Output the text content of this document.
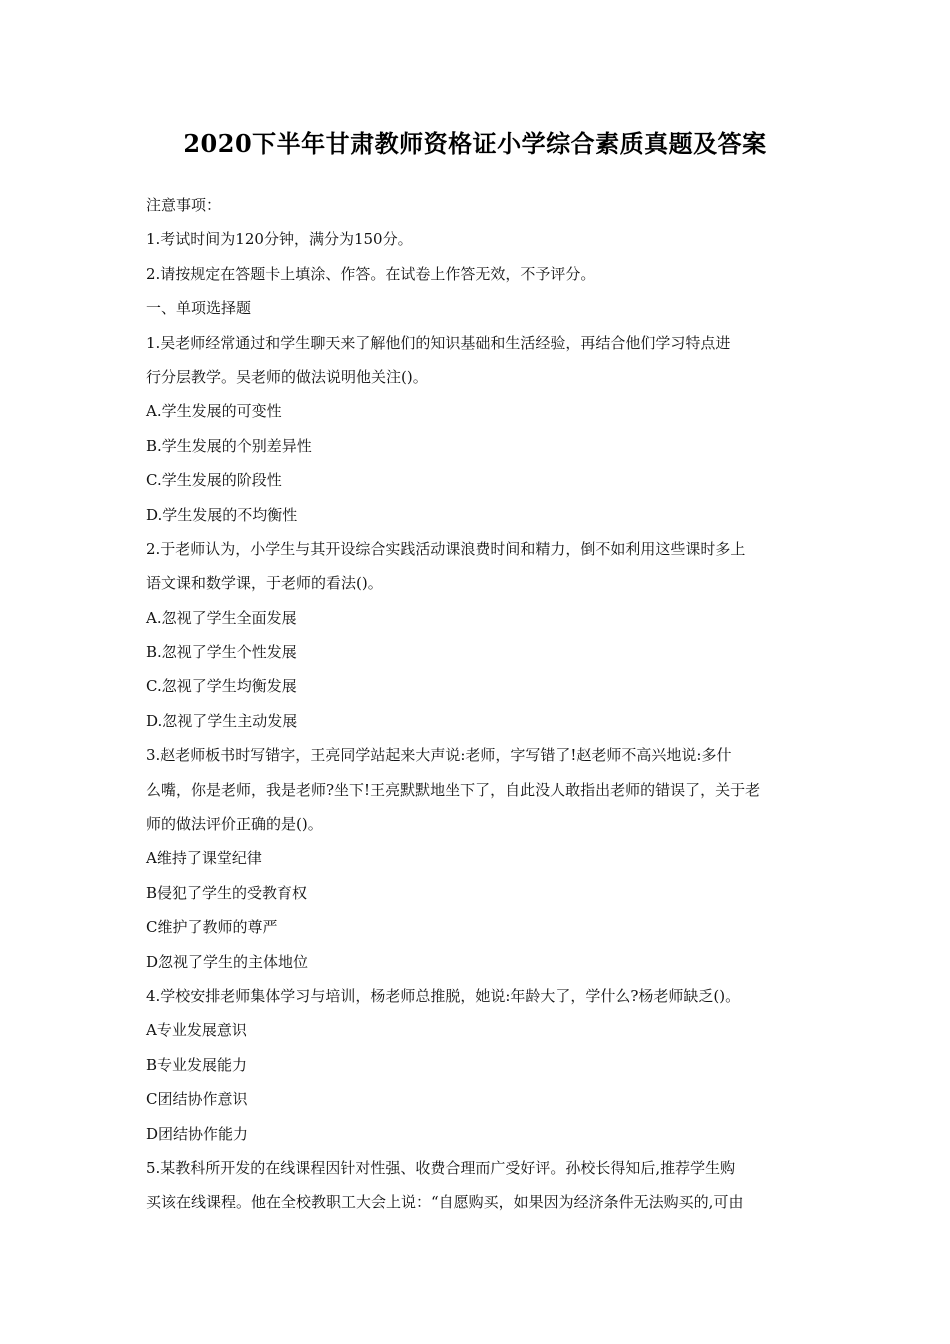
2020下半年甘肃教师资格证小学综合素质真题及答案
注意事项：
1.考试时间为120分钟，满分为150分。
2.请按规定在答题卡上填涂、作答。在试卷上作答无效，不予评分。
一、单项选择题
1.吴老师经常通过和学生聊天来了解他们的知识基础和生活经验，再结合他们学习特点进
行分层教学。吴老师的做法说明他关注()。
A.学生发展的可变性
B.学生发展的个别差异性
C.学生发展的阶段性
D.学生发展的不均衡性
2.于老师认为，小学生与其开设综合实践活动课浪费时间和精力，倒不如利用这些课时多上
语文课和数学课，于老师的看法()。
A.忽视了学生全面发展
B.忽视了学生个性发展
C.忽视了学生均衡发展
D.忽视了学生主动发展
3.赵老师板书时写错字，王亮同学站起来大声说:老师，字写错了!赵老师不高兴地说:多什
么嘴，你是老师，我是老师?坐下!王亮默默地坐下了，自此没人敢指出老师的错误了，关于老
师的做法评价正确的是()。
A维持了课堂纪律
B侵犯了学生的受教育权
C维护了教师的尊严
D忽视了学生的主体地位
4.学校安排老师集体学习与培训，杨老师总推脱，她说:年龄大了，学什么?杨老师缺乏()。
A专业发展意识
B专业发展能力
C团结协作意识
D团结协作能力
5.某教科所开发的在线课程因针对性强、收费合理而广受好评。孙校长得知后,推荐学生购
买该在线课程。他在全校教职工大会上说：“自愿购买，如果因为经济条件无法购买的,可由
